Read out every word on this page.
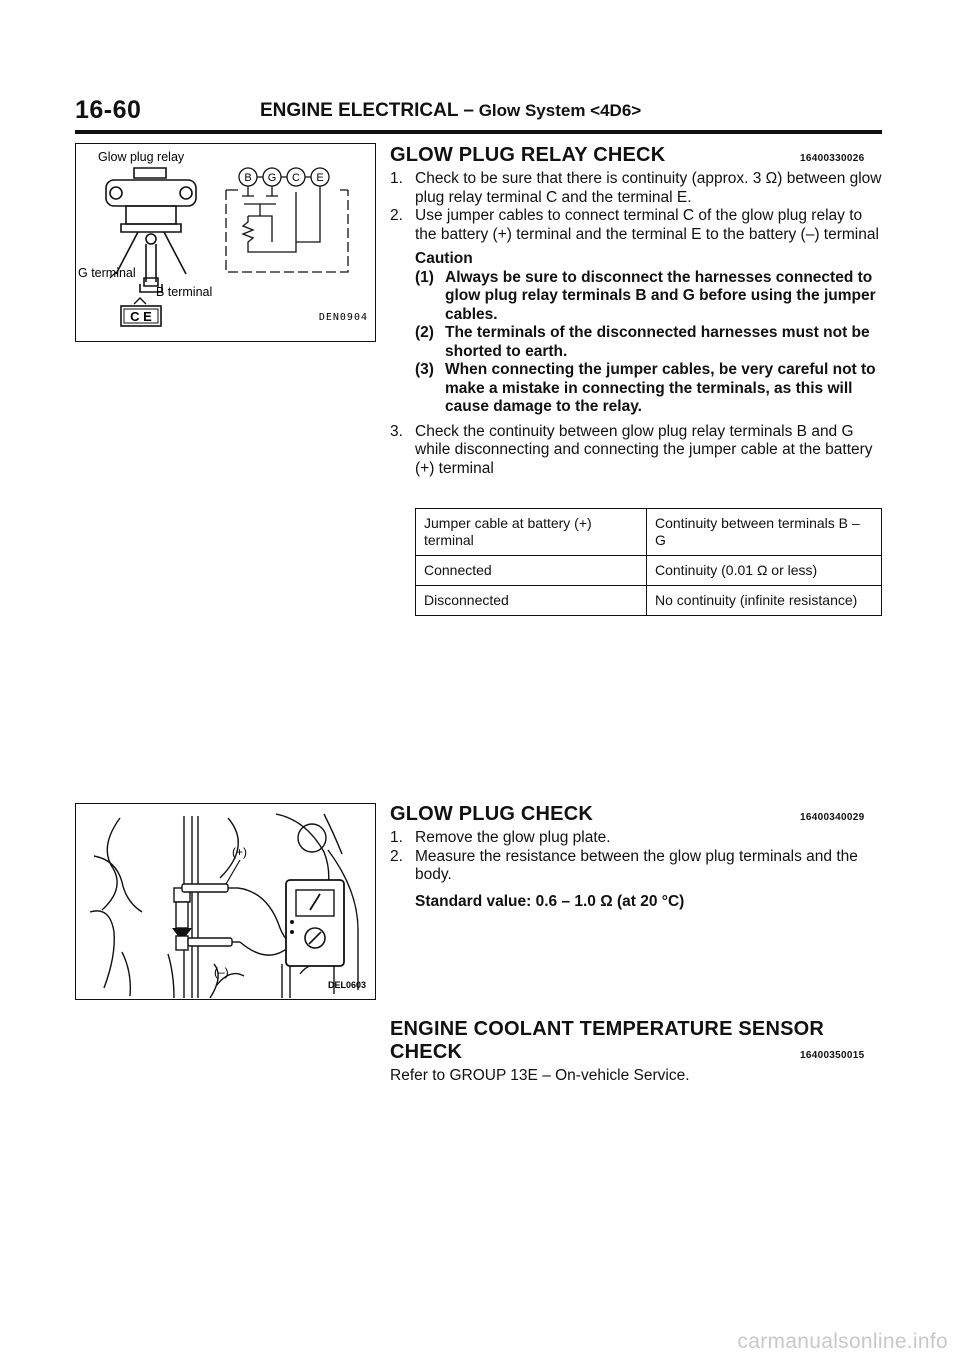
16-60	ENGINE ELECTRICAL – Glow System <4D6>
Glow plug relay
G terminal
B terminal
C E
B G C E
DEN0904
(+)
(–)
DEL0603
GLOW PLUG RELAY CHECK	16400330026
1. Check to be sure that there is continuity (approx. 3 Ω) between glow plug relay terminal C and the terminal E.
2. Use jumper cables to connect terminal C of the glow plug relay to the battery (+) terminal and the terminal E to the battery (–) terminal
Caution
(1) Always be sure to disconnect the harnesses connected to glow plug relay terminals B and G before using the jumper cables.
(2) The terminals of the disconnected harnesses must not be shorted to earth.
(3) When connecting the jumper cables, be very careful not to make a mistake in connecting the terminals, as this will cause damage to the relay.
3. Check the continuity between glow plug relay terminals B and G while disconnecting and connecting the jumper cable at the battery (+) terminal
Jumper cable at battery (+) terminal	Continuity between terminals B – G
Connected	Continuity (0.01 Ω or less)
Disconnected	No continuity (infinite resistance)
GLOW PLUG CHECK	16400340029
1. Remove the glow plug plate.
2. Measure the resistance between the glow plug terminals and the body.
Standard value: 0.6 – 1.0 Ω (at 20 °C)
ENGINE COOLANT TEMPERATURE SENSOR
CHECK	16400350015
Refer to GROUP 13E – On-vehicle Service.
carmanualsonline.info
